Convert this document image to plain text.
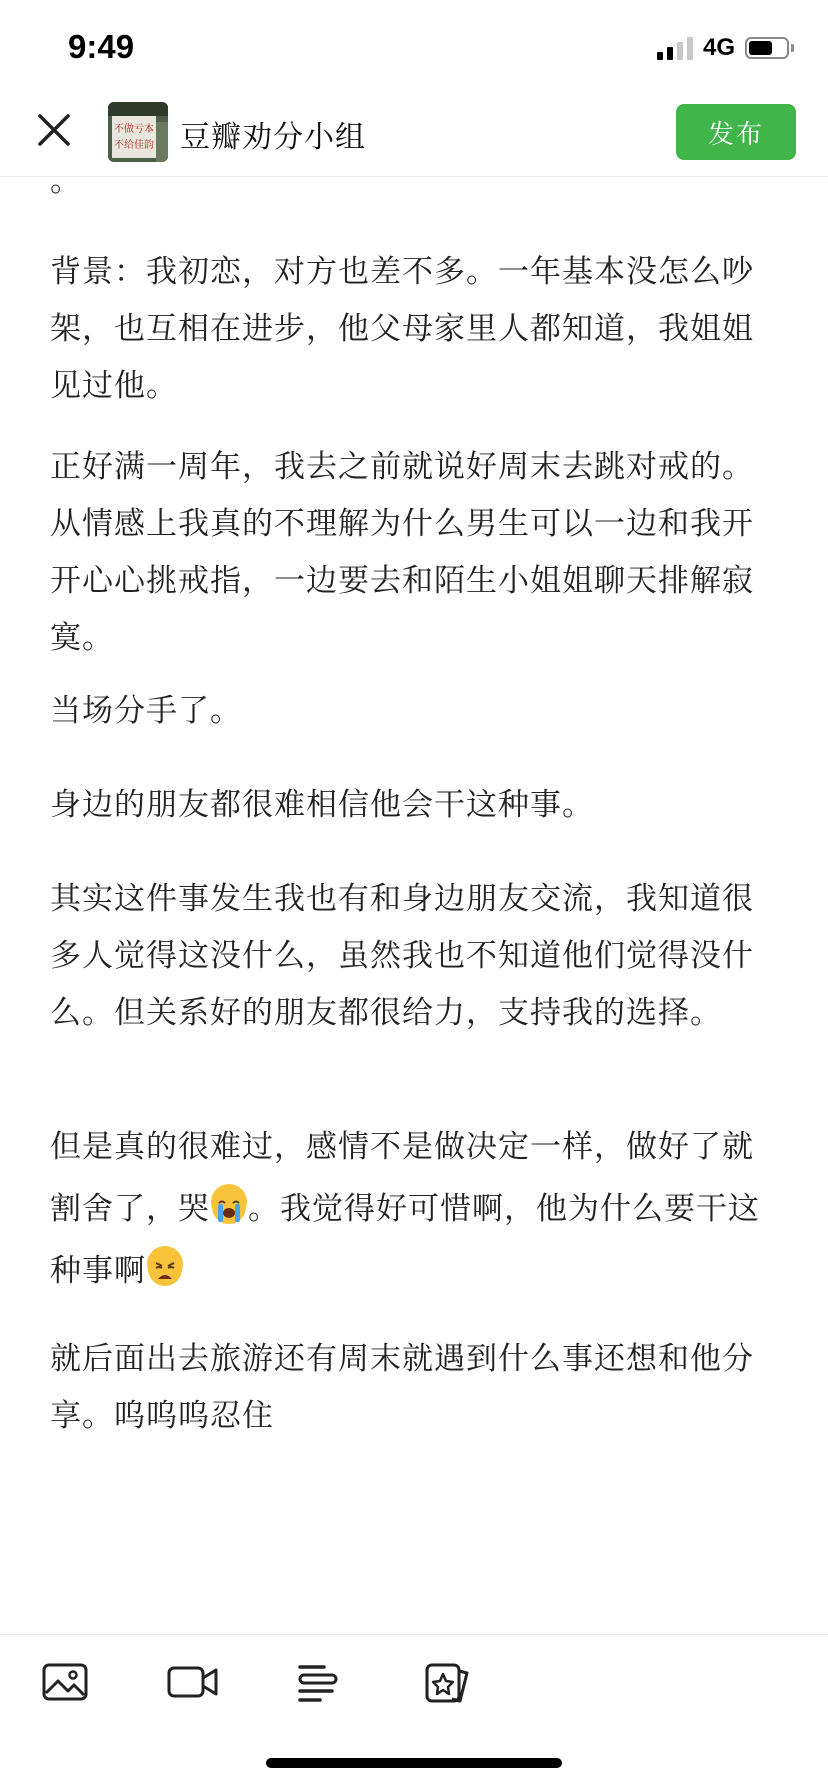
9:49	4G
不做亏本
不给佳韵 豆瓣劝分小组	发布
。
背景：我初恋，对方也差不多。一年基本没怎么吵架，也互相在进步，他父母家里人都知道，我姐姐见过他。
正好满一周年，我去之前就说好周末去跳对戒的。从情感上我真的不理解为什么男生可以一边和我开开心心挑戒指，一边要去和陌生小姐姐聊天排解寂寞。
当场分手了。
身边的朋友都很难相信他会干这种事。
其实这件事发生我也有和身边朋友交流，我知道很多人觉得这没什么，虽然我也不知道他们觉得没什么。但关系好的朋友都很给力，支持我的选择。
但是真的很难过，感情不是做决定一样，做好了就割舍了，哭 。我觉得好可惜啊，他为什么要干这种事啊
就后面出去旅游还有周末就遇到什么事还想和他分享。呜呜呜忍住
